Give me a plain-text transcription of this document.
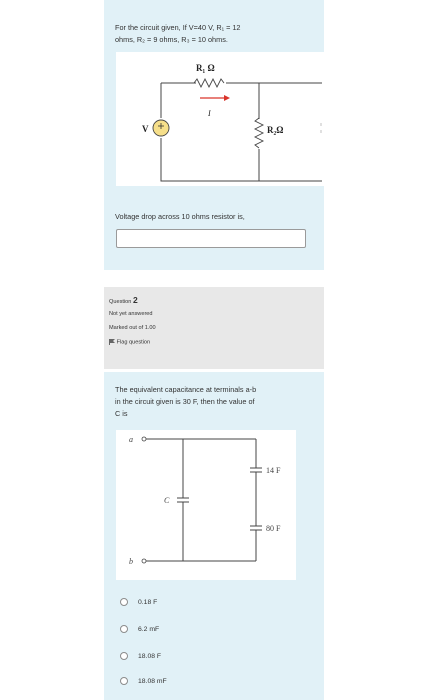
For the circuit given, If V=40 V, R₁ = 12
ohms, R₂ = 9 ohms, R₃ = 10 ohms.
R₁ Ω
I
V	R₂Ω
Voltage drop across 10 ohms resistor is,
Question 2
Not yet answered
Marked out of 1.00
Flag question
The equivalent capacitance at terminals a-b
in the circuit given is 30 F, then the value of
C is
a
b
C
14 F
80 F
0.18 F
6.2 mF
18.08 F
18.08 mF
